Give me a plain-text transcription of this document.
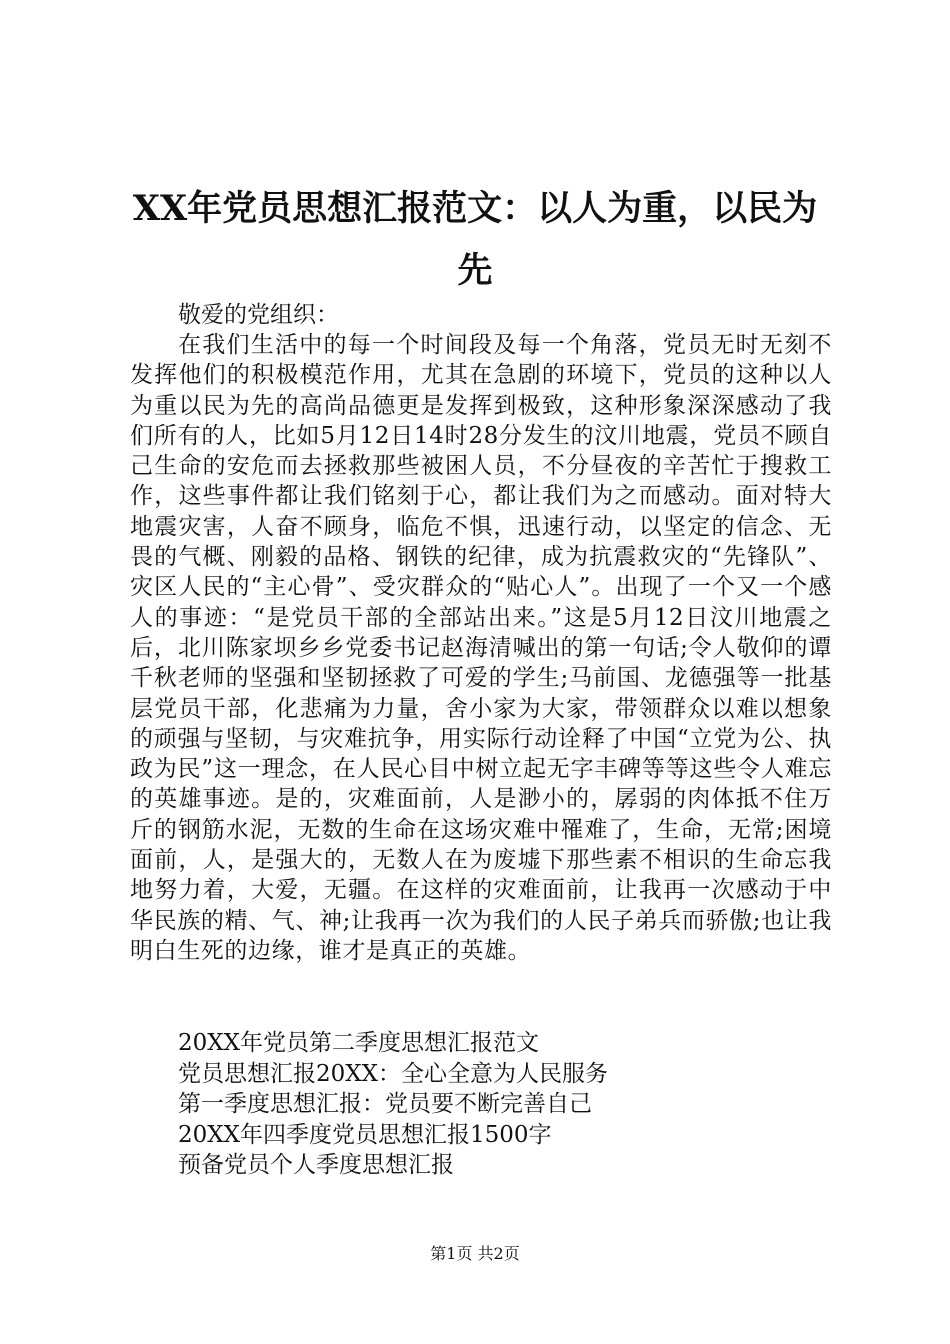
XX年党员思想汇报范文：以人为重，以民为先

敬爱的党组织：

在我们生活中的每一个时间段及每一个角落，党员无时无刻不发挥他们的积极模范作用，尤其在急剧的环境下，党员的这种以人为重以民为先的高尚品德更是发挥到极致，这种形象深深感动了我们所有的人，比如5月12日14时28分发生的汶川地震，党员不顾自己生命的安危而去拯救那些被困人员，不分昼夜的辛苦忙于搜救工作，这些事件都让我们铭刻于心，都让我们为之而感动。面对特大地震灾害，人奋不顾身，临危不惧，迅速行动，以坚定的信念、无畏的气概、刚毅的品格、钢铁的纪律，成为抗震救灾的“先锋队”、灾区人民的“主心骨”、受灾群众的“贴心人”。出现了一个又一个感人的事迹：“是党员干部的全部站出来。”这是5月12日汶川地震之后，北川陈家坝乡乡党委书记赵海清喊出的第一句话;令人敬仰的谭千秋老师的坚强和坚韧拯救了可爱的学生;马前国、龙德强等一批基层党员干部，化悲痛为力量，舍小家为大家，带领群众以难以想象的顽强与坚韧，与灾难抗争，用实际行动诠释了中国“立党为公、执政为民”这一理念，在人民心目中树立起无字丰碑等等这些令人难忘的英雄事迹。是的，灾难面前，人是渺小的，孱弱的肉体抵不住万斤的钢筋水泥，无数的生命在这场灾难中罹难了，生命，无常;困境面前，人，是强大的，无数人在为废墟下那些素不相识的生命忘我地努力着，大爱，无疆。在这样的灾难面前，让我再一次感动于中华民族的精、气、神;让我再一次为我们的人民子弟兵而骄傲;也让我明白生死的边缘，谁才是真正的英雄。

20XX年党员第二季度思想汇报范文
党员思想汇报20XX：全心全意为人民服务
第一季度思想汇报：党员要不断完善自己
20XX年四季度党员思想汇报1500字
预备党员个人季度思想汇报
第1页 共2页
